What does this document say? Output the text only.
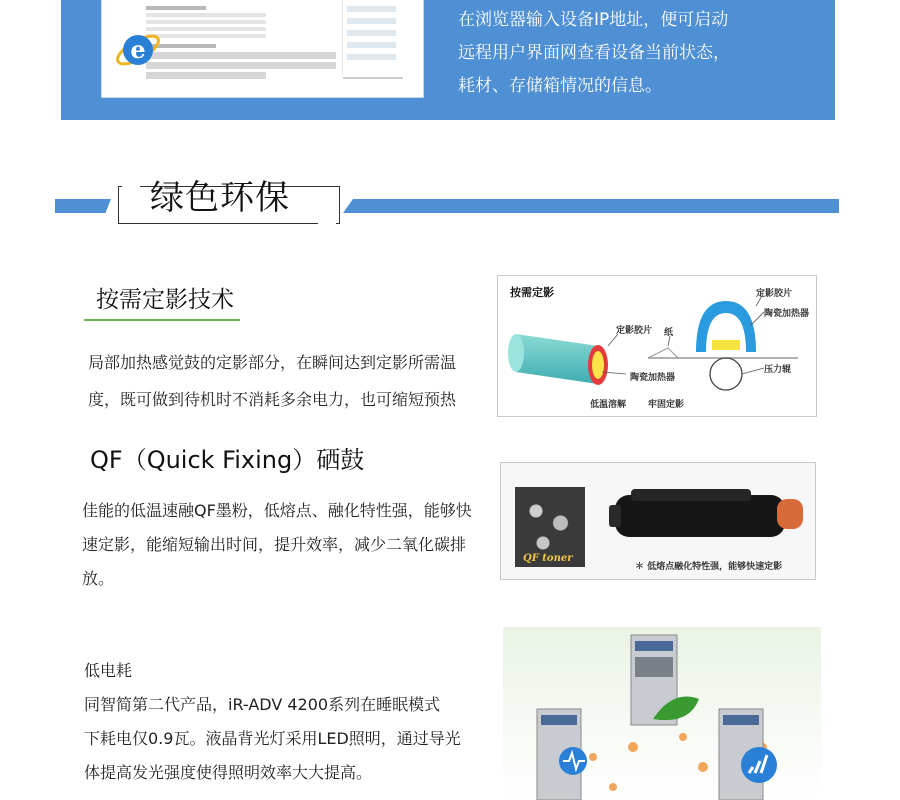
e
在浏览器输入设备IP地址，便可启动
远程用户界面网查看设备当前状态，
耗材、存储箱情况的信息。
绿色环保
按需定影技术
局部加热感觉鼓的定影部分，在瞬间达到定影所需温
度，既可做到待机时不消耗多余电力，也可缩短预热
按需定影	定影胶片
陶瓷加热器
定影胶片 纸
压力辊
陶瓷加热器
低温溶解 牢固定影
QF（Quick Fixing）硒鼓
佳能的低温速融QF墨粉，低熔点、融化特性强，能够快
速定影，能缩短输出时间，提升效率，减少二氧化碳排
放。
QF toner
＊ 低熔点融化特性强，能够快速定影
低电耗
同智简第二代产品，iR-ADV 4200系列在睡眠模式
下耗电仅0.9瓦。液晶背光灯采用LED照明，通过导光
体提高发光强度使得照明效率大大提高。
